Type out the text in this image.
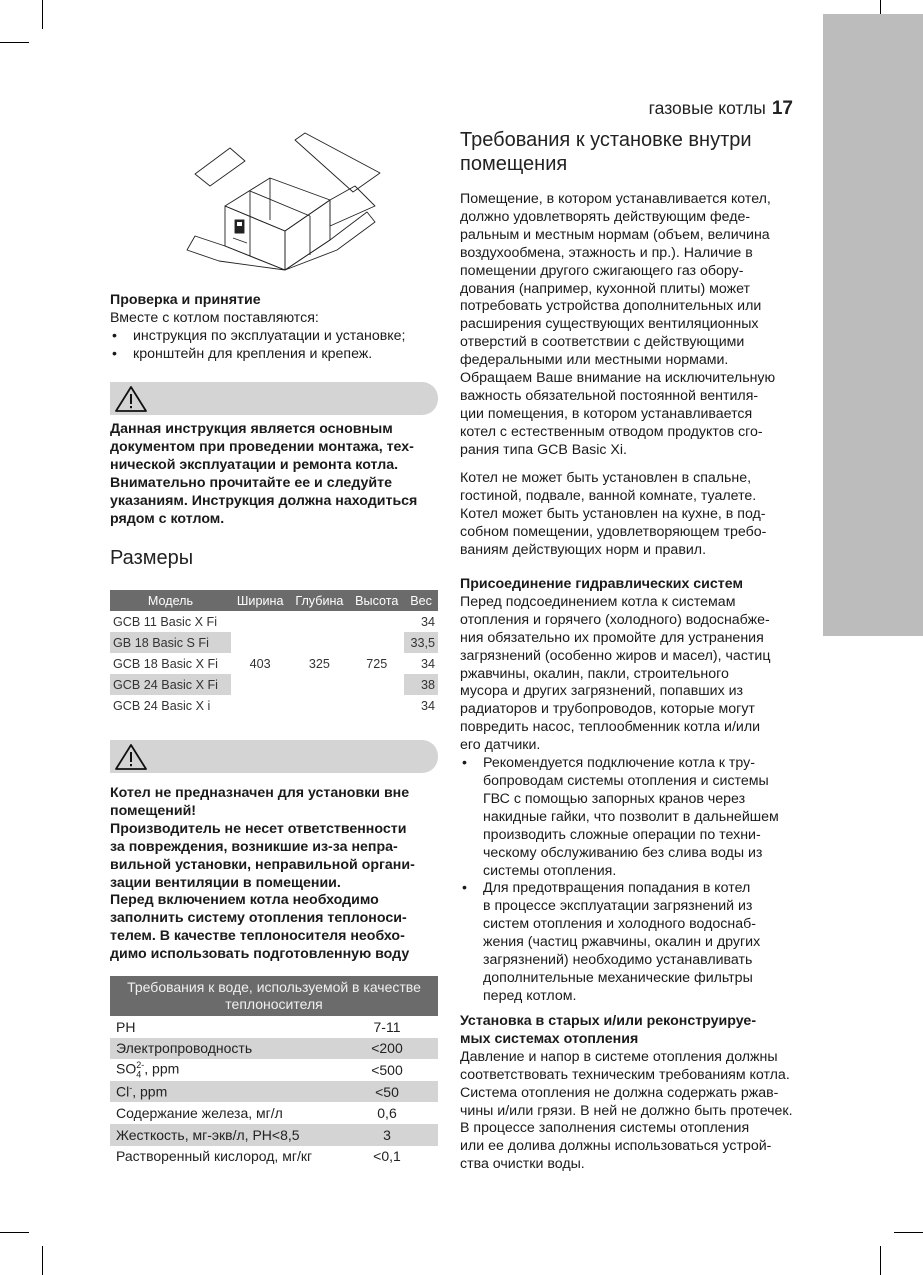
газовые котлы 17

Проверка и принятие

Вместе с котлом поставляются:

• инструкция по эксплуатации и установке;
• кронштейн для крепления и крепеж.

Данная инструкция является основным

документом при проведении монтажа, тех-

нической эксплуатации и ремонта котла.

Внимательно прочитайте ее и следуйте

указаниям. Инструкция должна находиться

рядом с котлом.

Размеры
Модель	Ширина	Глубина	Высота	Вес
GCB 11 Basic X Fi	403	325	725	34
GB 18 Basic S Fi				33,5
GCB 18 Basic X Fi				34
GCB 24 Basic X Fi				38
GCB 24 Basic X i				34

Котел не предназначен для установки вне

помещений!

Производитель не несет ответственности

за повреждения, возникшие из-за непра-

вильной установки, неправильной органи-

зации вентиляции в помещении.

Перед включением котла необходимо

заполнить систему отопления теплоноси-

телем. В качестве теплоносителя необхо-

димо использовать подготовленную воду

Требования к воде, используемой в качестве
теплоносителя	

PH	7-11
Электропроводность	<200
$SO_4^{2-}$, ppm	<500
Cl-, ppm	<50
Содержание железа, мг/л	0,6
Жесткость, мг-экв/л, PH<8,5	3
Растворенный кислород, мг/кг	<0,1
Требования к установке внутри
помещения

Помещение, в котором устанавливается котел,

должно удовлетворять действующим феде-

ральным и местным нормам (объем, величина

воздухообмена, этажность и пр.). Наличие в

помещении другого сжигающего газ обору-

дования (например, кухонной плиты) может

потребовать устройства дополнительных или

расширения существующих вентиляционных

отверстий в соответствии с действующими

федеральными или местными нормами.

Обращаем Ваше внимание на исключительную

важность обязательной постоянной вентиля-

ции помещения, в котором устанавливается

котел с естественным отводом продуктов сго-

рания типа GCB Basic Xi.

Котел не может быть установлен в спальне,

гостиной, подвале, ванной комнате, туалете.

Котел может быть установлен на кухне, в под-

собном помещении, удовлетворяющем требо-

ваниям действующих норм и правил.

Присоединение гидравлических систем

Перед подсоединением котла к системам

отопления и горячего (холодного) водоснабже-

ния обязательно их промойте для устранения

загрязнений (особенно жиров и масел), частиц

ржавчины, окалин, пакли, строительного

мусора и других загрязнений, попавших из

радиаторов и трубопроводов, которые могут

повредить насос, теплообменник котла и/или

его датчики.

• Рекомендуется подключение котла к тру-
бопроводам системы отопления и системы
ГВС с помощью запорных кранов через
накидные гайки, что позволит в дальнейшем
производить сложные операции по техни-
ческому обслуживанию без слива воды из
системы отопления.
• Для предотвращения попадания в котел
в процессе эксплуатации загрязнений из
систем отопления и холодного водоснаб-
жения (частиц ржавчины, окалин и других
загрязнений) необходимо устанавливать
дополнительные механические фильтры
перед котлом.

Установка в старых и/или реконструируе-

мых системах отопления

Давление и напор в системе отопления должны

соответствовать техническим требованиям котла.

Система отопления не должна содержать ржав-

чины и/или грязи. В ней не должно быть протечек.

В процессе заполнения системы отопления

или ее долива должны использоваться устрой-

ства очистки воды.
